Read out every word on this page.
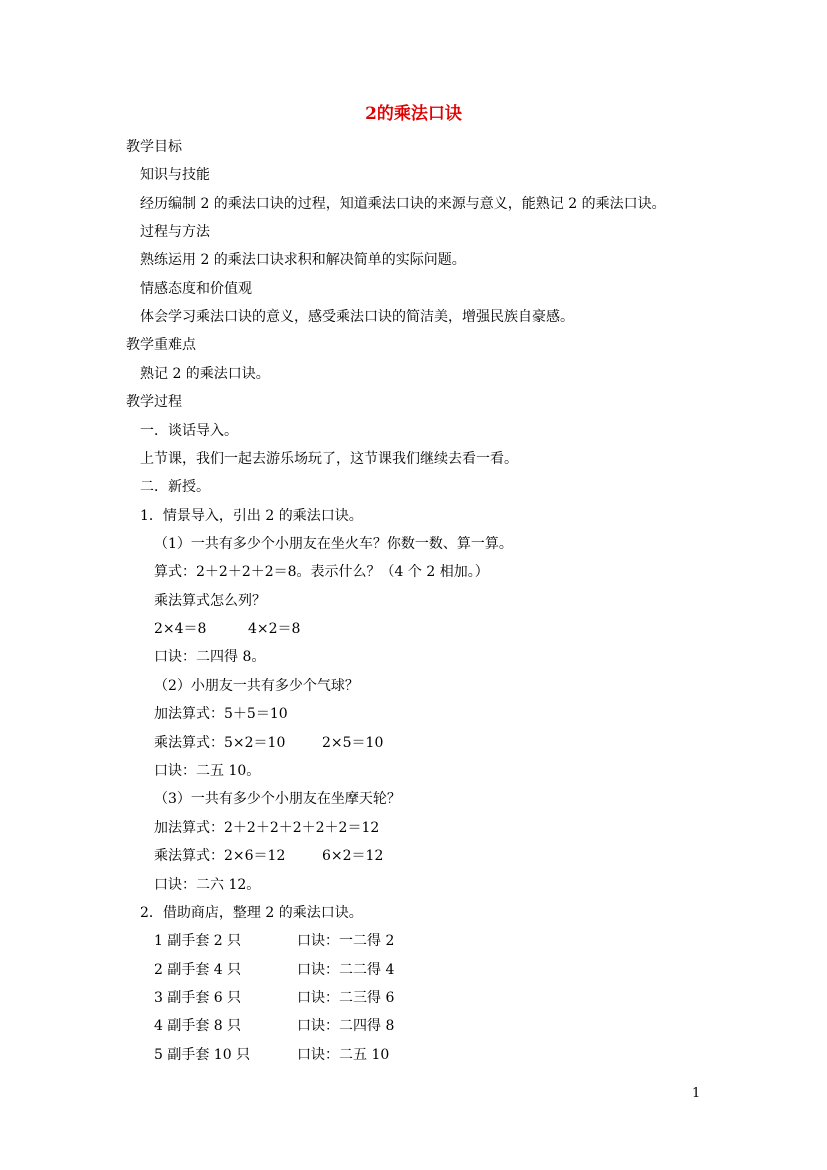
2的乘法口诀
教学目标
知识与技能
经历编制 2 的乘法口诀的过程，知道乘法口诀的来源与意义，能熟记 2 的乘法口诀。
过程与方法
熟练运用 2 的乘法口诀求积和解决简单的实际问题。
情感态度和价值观
体会学习乘法口诀的意义，感受乘法口诀的简洁美，增强民族自豪感。
教学重难点
熟记 2 的乘法口诀。
教学过程
一．谈话导入。
上节课，我们一起去游乐场玩了，这节课我们继续去看一看。
二．新授。
1．情景导入，引出 2 的乘法口诀。
（1）一共有多少个小朋友在坐火车？你数一数、算一算。
算式：2＋2＋2＋2＝8。表示什么？（4 个 2 相加。）
乘法算式怎么列？
2×4＝8	4×2＝8
口诀：二四得 8。
（2）小朋友一共有多少个气球？
加法算式：5＋5＝10
乘法算式：5×2＝10	2×5＝10
口诀：二五 10。
（3）一共有多少个小朋友在坐摩天轮？
加法算式：2＋2＋2＋2＋2＋2＝12
乘法算式：2×6＝12	6×2＝12
口诀：二六 12。
2．借助商店，整理 2 的乘法口诀。
1 副手套 2 只	口诀：一二得 2
2 副手套 4 只	口诀：二二得 4
3 副手套 6 只	口诀：二三得 6
4 副手套 8 只	口诀：二四得 8
5 副手套 10 只	口诀：二五 10
1
